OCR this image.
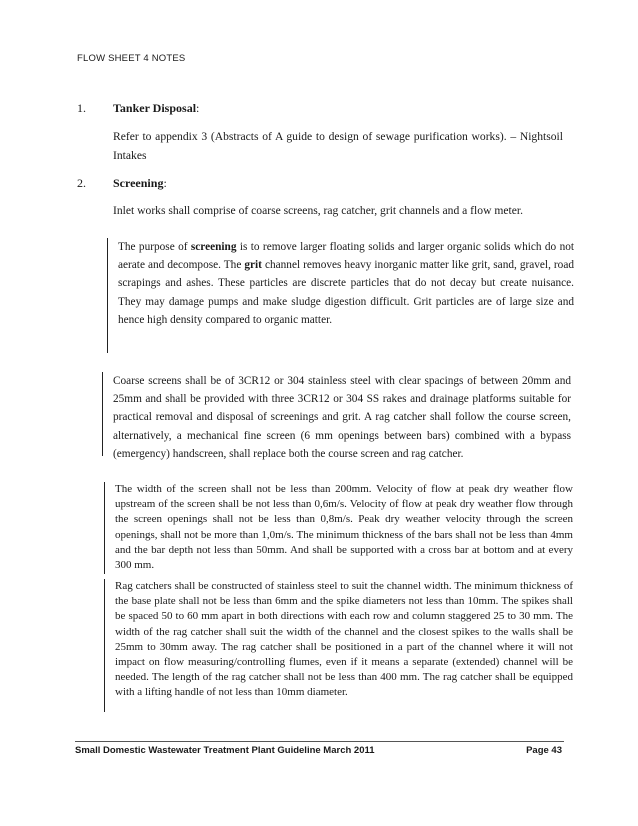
FLOW SHEET 4 NOTES
1. Tanker Disposal:

Refer to appendix 3 (Abstracts of A guide to design of sewage purification works). – Nightsoil Intakes

2. Screening:

Inlet works shall comprise of coarse screens, rag catcher, grit channels and a flow meter.

The purpose of screening is to remove larger floating solids and larger organic solids which do not aerate and decompose. The grit channel removes heavy inorganic matter like grit, sand, gravel, road scrapings and ashes. These particles are discrete particles that do not decay but create nuisance. They may damage pumps and make sludge digestion difficult. Grit particles are of large size and hence high density compared to organic matter.

Coarse screens shall be of 3CR12 or 304 stainless steel with clear spacings of between 20mm and 25mm and shall be provided with three 3CR12 or 304 SS rakes and drainage platforms suitable for practical removal and disposal of screenings and grit. A rag catcher shall follow the course screen, alternatively, a mechanical fine screen (6 mm openings between bars) combined with a bypass (emergency) handscreen, shall replace both the course screen and rag catcher.

The width of the screen shall not be less than 200mm. Velocity of flow at peak dry weather flow upstream of the screen shall be not less than 0,6m/s. Velocity of flow at peak dry weather flow through the screen openings shall not be less than 0,8m/s. Peak dry weather velocity through the screen openings, shall not be more than 1,0m/s. The minimum thickness of the bars shall not be less than 4mm and the bar depth not less than 50mm. And shall be supported with a cross bar at bottom and at every 300 mm.

Rag catchers shall be constructed of stainless steel to suit the channel width. The minimum thickness of the base plate shall not be less than 6mm and the spike diameters not less than 10mm. The spikes shall be spaced 50 to 60 mm apart in both directions with each row and column staggered 25 to 30 mm. The width of the rag catcher shall suit the width of the channel and the closest spikes to the walls shall be 25mm to 30mm away. The rag catcher shall be positioned in a part of the channel where it will not impact on flow measuring/controlling flumes, even if it means a separate (extended) channel will be needed. The length of the rag catcher shall not be less than 400 mm. The rag catcher shall be equipped with a lifting handle of not less than 10mm diameter.

Small Domestic Wastewater Treatment Plant Guideline March 2011	Page 43
